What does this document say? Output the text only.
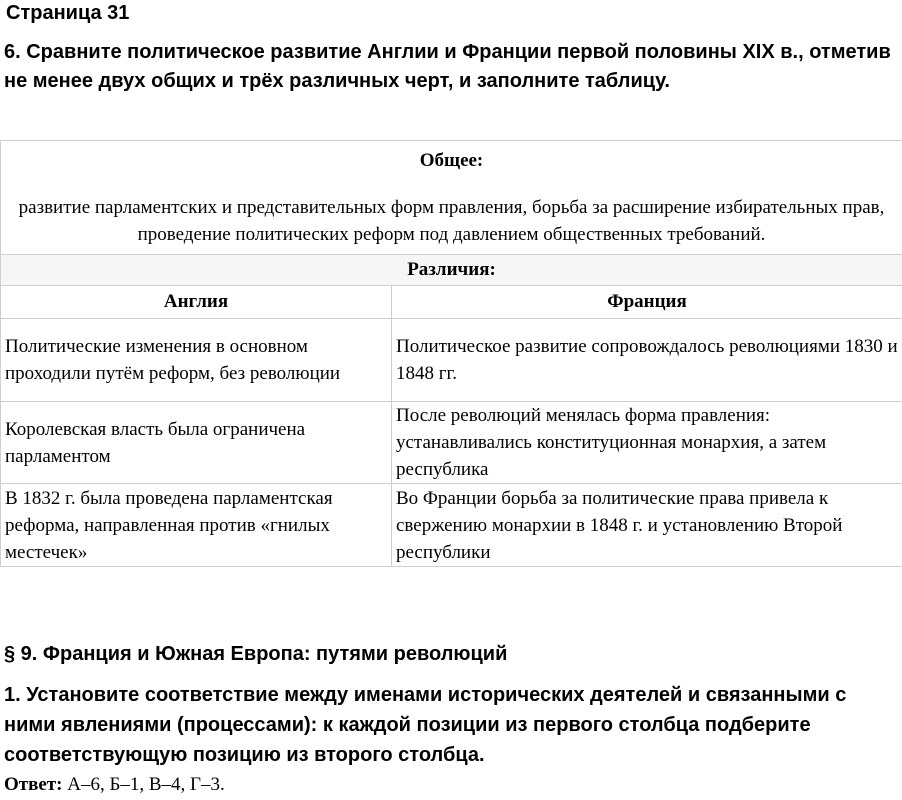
Страница 31
6. Сравните политическое развитие Англии и Франции первой половины XIX в., отметив не менее двух общих и трёх различных черт, и заполните таблицу.
Общее:
развитие парламентских и представительных форм правления, борьба за расширение избирательных прав, проведение политических реформ под давлением общественных требований.	

Различия:	
Англия	Франция
Политические изменения в основном проходили путём реформ, без революции	Политическое развитие сопровождалось революциями 1830 и 1848 гг.
Королевская власть была ограничена парламентом	После революций менялась форма правления: устанавливались конституционная монархия, а затем республика
В 1832 г. была проведена парламентская реформа, направленная против «гнилых местечек»	Во Франции борьба за политические права привела к свержению монархии в 1848 г. и установлению Второй республики
§ 9. Франция и Южная Европа: путями революций
1. Установите соответствие между именами исторических деятелей и связанными с ними явлениями (процессами): к каждой позиции из первого столбца подберите соответствующую позицию из второго столбца.
Ответ: А–6, Б–1, В–4, Г–3.
